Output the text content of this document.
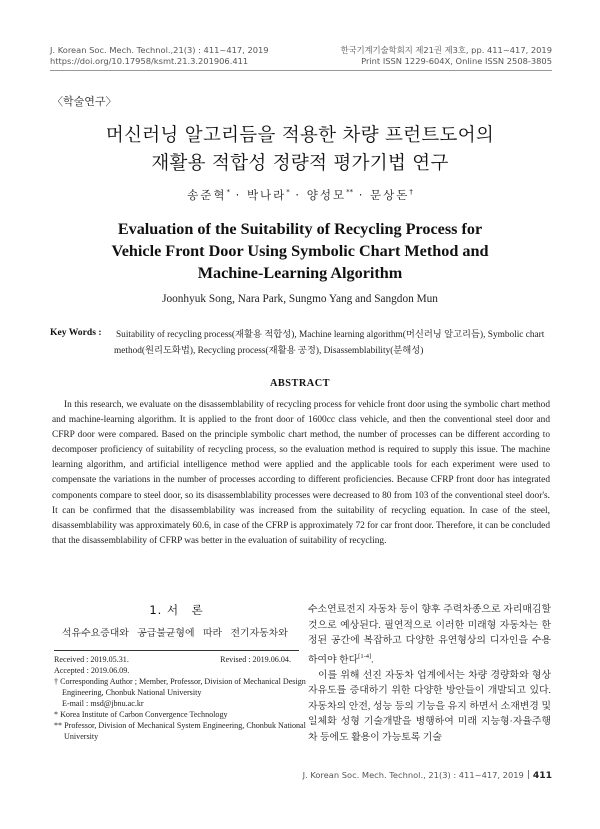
J. Korean Soc. Mech. Technol.,21(3) : 411~417, 2019
https://doi.org/10.17958/ksmt.21.3.201906.411
한국기계기술학회지 제21권 제3호, pp. 411~417, 2019
Print ISSN 1229-604X, Online ISSN 2508-3805
〈학술연구〉
머신러닝 알고리듬을 적용한 차량 프런트도어의
재활용 적합성 정량적 평가기법 연구
송준혁* · 박나라* · 양성모** · 문상돈†
Evaluation of the Suitability of Recycling Process for
Vehicle Front Door Using Symbolic Chart Method and
Machine-Learning Algorithm
Joonhyuk Song, Nara Park, Sungmo Yang and Sangdon Mun
Key Words : Suitability of recycling process(재활용 적합성), Machine learning algorithm(머신러닝 알고리듬), Symbolic chart method(원리도화법), Recycling process(재활용 공정), Disassemblability(분해성)
ABSTRACT
In this research, we evaluate on the disassemblability of recycling process for vehicle front door using the symbolic chart method and machine-learning algorithm. It is applied to the front door of 1600cc class vehicle, and then the conventional steel door and CFRP door were compared. Based on the principle symbolic chart method, the number of processes can be different according to decomposer proficiency of suitability of recycling process, so the evaluation method is required to supply this issue. The machine learning algorithm, and artificial intelligence method were applied and the applicable tools for each experiment were used to compensate the variations in the number of processes according to different proficiencies. Because CFRP front door has integrated components compare to steel door, so its disassemblability processes were decreased to 80 from 103 of the conventional steel door's. It can be confirmed that the disassemblability was increased from the suitability of recycling equation. In case of the steel, disassemblability was approximately 60.6, in case of the CFRP is approximately 72 for car front door. Therefore, it can be concluded that the disassemblability of CFRP was better in the evaluation of suitability of recycling.
1. 서　론
석유수요증대와 공급불균형에 따라 전기자동차와
Received : 2019.05.31.	Revised : 2019.06.04.
Accepted : 2019.06.09.
† Corresponding Author ; Member, Professor, Division of Mechanical Design Engineering, Chonbuk National University
E-mail : msd@jbnu.ac.kr
* Korea Institute of Carbon Convergence Technology
** Professor, Division of Mechanical System Engineering, Chonbuk National University

수소연료전지 자동차 등이 향후 주력차종으로 자리매김할 것으로 예상된다. 필연적으로 이러한 미래형 자동차는 한정된 공간에 복잡하고 다양한 유연형상의 디자인을 수용하여야 한다[1-4].

이를 위해 선진 자동차 업계에서는 차량 경량화와 형상자유도를 증대하기 위한 다양한 방안들이 개발되고 있다. 자동차의 안전, 성능 등의 기능을 유지 하면서 소재변경 및 일체화 성형 기술개발을 병행하여 미래 지능형·자율주행차 등에도 활용이 가능토록 기술

J. Korean Soc. Mech. Technol., 21(3) : 411~417, 2019 411
